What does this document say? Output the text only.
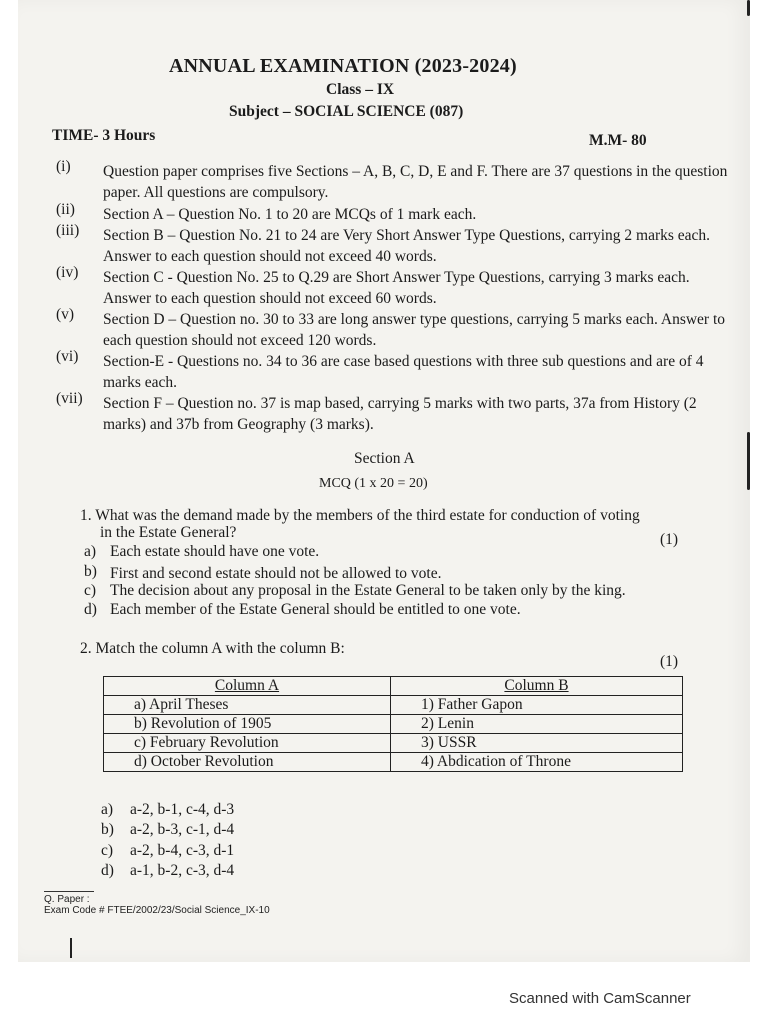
ANNUAL EXAMINATION (2023-2024)
Class – IX
Subject – SOCIAL SCIENCE (087)
TIME- 3 Hours	M.M- 80
(i) Question paper comprises five Sections – A, B, C, D, E and F. There are 37 questions in the question paper. All questions are compulsory.
(ii) Section A – Question No. 1 to 20 are MCQs of 1 mark each.
(iii) Section B – Question No. 21 to 24 are Very Short Answer Type Questions, carrying 2 marks each. Answer to each question should not exceed 40 words.
(iv) Section C - Question No. 25 to Q.29 are Short Answer Type Questions, carrying 3 marks each. Answer to each question should not exceed 60 words.
(v) Section D – Question no. 30 to 33 are long answer type questions, carrying 5 marks each. Answer to each question should not exceed 120 words.
(vi) Section-E - Questions no. 34 to 36 are case based questions with three sub questions and are of 4 marks each.
(vii) Section F – Question no. 37 is map based, carrying 5 marks with two parts, 37a from History (2 marks) and 37b from Geography (3 marks).
Section A
MCQ (1 x 20 = 20)
1. What was the demand made by the members of the third estate for conduction of voting
in the Estate General?	(1)
a) Each estate should have one vote.
b) First and second estate should not be allowed to vote.
c) The decision about any proposal in the Estate General to be taken only by the king.
d) Each member of the Estate General should be entitled to one vote.
2. Match the column A with the column B:
(1)
Column A	Column B
a) April Theses	1) Father Gapon
b) Revolution of 1905	2) Lenin
c) February Revolution	3) USSR
d) October Revolution	4) Abdication of Throne
a) a-2, b-1, c-4, d-3
b) a-2, b-3, c-1, d-4
c) a-2, b-4, c-3, d-1
d) a-1, b-2, c-3, d-4
Q. Paper :
Exam Code # FTEE/2002/23/Social Science_IX-10
Scanned with CamScanner
